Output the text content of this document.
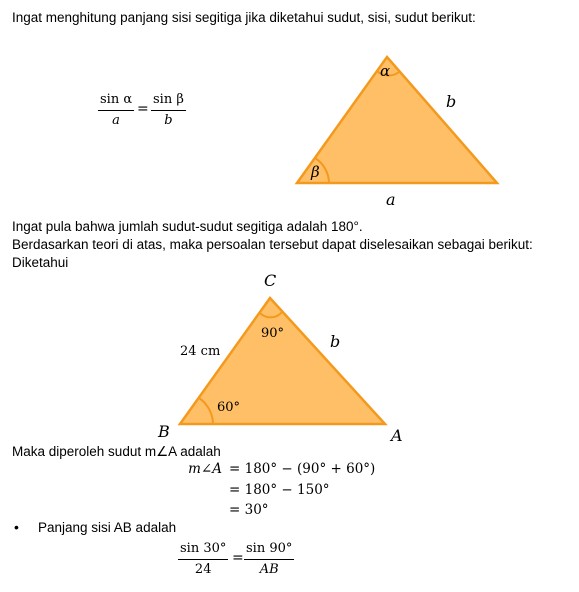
Ingat menghitung panjang sisi segitiga jika diketahui sudut, sisi, sudut berikut:
sin α
a
=
sin β
b
α
β
b
a
C
B	A
90°
60°
24 cm
b
Ingat pula bahwa jumlah sudut-sudut segitiga adalah 180°.
Berdasarkan teori di atas, maka persoalan tersebut dapat diselesaikan sebagai berikut:
Diketahui
Maka diperoleh sudut m∠A adalah
m∠A = 180° − (90° + 60°)
= 180° − 150°
= 30°
• Panjang sisi AB adalah
sin 30°
24
=
sin 90°
AB
